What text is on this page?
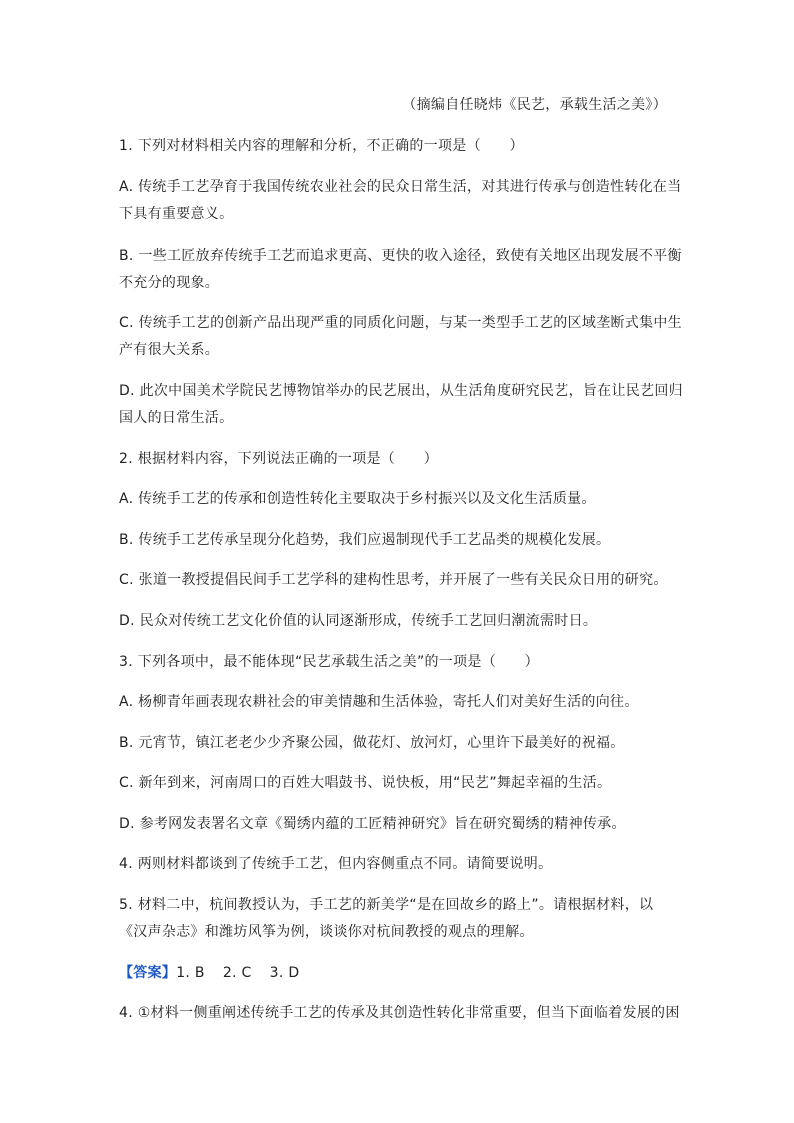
（摘编自任晓炜《民艺，承载生活之美》）
1. 下列对材料相关内容的理解和分析，不正确的一项是（　　）
A. 传统手工艺孕育于我国传统农业社会的民众日常生活，对其进行传承与创造性转化在当
下具有重要意义。
B. 一些工匠放弃传统手工艺而追求更高、更快的收入途径，致使有关地区出现发展不平衡
不充分的现象。
C. 传统手工艺的创新产品出现严重的同质化问题，与某一类型手工艺的区域垄断式集中生
产有很大关系。
D. 此次中国美术学院民艺博物馆举办的民艺展出，从生活角度研究民艺，旨在让民艺回归
国人的日常生活。
2. 根据材料内容，下列说法正确的一项是（　　）
A. 传统手工艺的传承和创造性转化主要取决于乡村振兴以及文化生活质量。
B. 传统手工艺传承呈现分化趋势，我们应遏制现代手工艺品类的规模化发展。
C. 张道一教授提倡民间手工艺学科的建构性思考，并开展了一些有关民众日用的研究。
D. 民众对传统工艺文化价值的认同逐渐形成，传统手工艺回归潮流需时日。
3. 下列各项中，最不能体现“民艺承载生活之美”的一项是（　　）
A. 杨柳青年画表现农耕社会的审美情趣和生活体验，寄托人们对美好生活的向往。
B. 元宵节，镇江老老少少齐聚公园，做花灯、放河灯，心里许下最美好的祝福。
C. 新年到来，河南周口的百姓大唱鼓书、说快板，用“民艺”舞起幸福的生活。
D. 参考网发表署名文章《蜀绣内蕴的工匠精神研究》旨在研究蜀绣的精神传承。
4. 两则材料都谈到了传统手工艺，但内容侧重点不同。请简要说明。
5. 材料二中，杭间教授认为，手工艺的新美学“是在回故乡的路上”。请根据材料，以
《汉声杂志》和潍坊风筝为例，谈谈你对杭间教授的观点的理解。
【答案】1. B 2. C 3. D
4. ①材料一侧重阐述传统手工艺的传承及其创造性转化非常重要，但当下面临着发展的困
